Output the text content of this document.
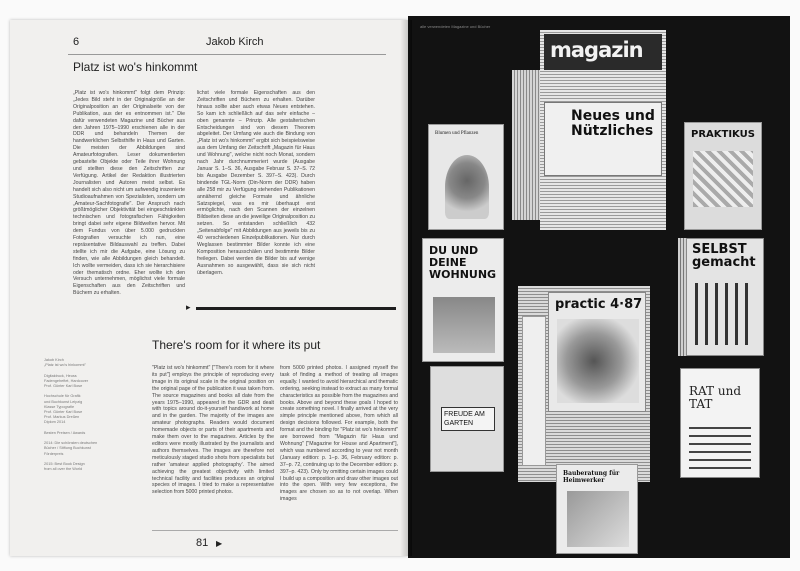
6	Jakob Kirch
Platz ist wo's hinkommt
„Platz ist wo's hinkommt" folgt dem Prinzip: „Jedes Bild steht in der Originalgröße an der Originalposition an der Originalseite von der Publikation, aus der es entnommen ist." Die dafür verwendeten Magazine und Bücher aus den Jahren 1975–1990 erschienen alle in der DDR und behandeln Themen der handwerklichen Selbsthilfe in Haus und Garten. Die meisten der Abbildungen sind Amateurfotografien. Leser dokumentierten gebastelte Objekte oder Teile ihrer Wohnung und stellten diese den Zeitschriften zur Verfügung. Artikel der Redaktion illustrierten Journalisten und Autoren meist selbst. Es handelt sich also nicht um aufwendig inszenierte Studioaufnahmen von Spezialisten, sondern um „Amateur-Sachfotografie". Der Anspruch nach größtmöglicher Objektivität bei eingeschränkten technischen und fotografischen Fähigkeiten bringt dabei sehr eigene Bildwelten hervor. Mit dem Fundus von über 5.000 gedruckten Fotografien versuchte ich nun, eine repräsentative Bildauswahl zu treffen. Dabei stellte ich mir die Aufgabe, eine Lösung zu finden, wie alle Abbildungen gleich behandelt. Ich wollte vermeiden, dass ich sie hierarchisiere oder thematisch ordne. Eher wollte ich den Versuch unternehmen, möglichst viele formale Eigenschaften aus den Zeitschriften und Büchern zu erhalten.
lichst viele formale Eigenschaften aus den Zeitschriften und Büchern zu erhalten. Darüber hinaus sollte aber auch etwas Neues entstehen. So kam ich schließlich auf das sehr einfache – oben genannte – Prinzip. Alle gestalterischen Entscheidungen sind von diesem Theorem abgeleitet. Der Umfang wie auch die Bindung von „Platz ist wo's hinkommt" ergibt sich beispielsweise aus dem Umfang der Zeitschrift „Magazin für Haus und Wohnung", welche nicht noch Monat, sondern nach Jahr durchnummeriert wurde (Ausgabe Januar S. 1–S. 36, Ausgabe Februar S. 37–S. 72 bis Ausgabe Dezember S. 397–S. 423). Durch bindende TGL-Norm (Din-Norm der DDR) haben alle 258 mir zu Verfügung stehenden Publikationen annähernd gleiche Formate und ähnliche Satzspiegel, was es mir überhaupt erst ermöglichte, nach den Scannen der einzelnen Bildseiten diese an die jeweilige Originalposition zu setzen. So entstanden schließlich 432 „Seitenabfolge" mit Abbildungen aus jeweils bis zu 40 verschiedenen Einzelpublikationen. Nur durch Weglassen bestimmter Bilder konnte ich eine Komposition herausschälen und bestimmte Bilder freilegen. Dabei werden die Bilder bis auf wenige Ausnahmen so ausgewählt, dass sie sich nicht überlagern.
▸
There's room for it where its put
Jakob Kirch
„Platz ist wo's hinkommt"

Digitaldruck, Heuss
Fadengeheftet, Hardcover
Prof. Günter Karl Bose

Hochschule für Grafik
und Buchkunst Leipzig
Klasse Typografie
Prof. Günter Karl Bose
Prof. Markus Dreßen
Diplom 2014

Besten Preisen / Awards

2014: Die schönsten deutschen
Bücher / Stiftung Buchkunst
Förderpreis

2015: Best Book Design
from all over the World
"Platz ist wo's hinkommt" ["There's room for it where its put"] employs the principle of reproducing every image in its original scale in the original position on the original page of the publication it was taken from. The source magazines and books all date from the years 1975–1990, appeared in the GDR and dealt with topics around do-it-yourself handiwork at home and in the garden. The majority of the images are amateur photographs. Readers would document homemade objects or parts of their apartments and make them over to the magazines. Articles by the editors were mostly illustrated by the journalists and authors themselves. The images are therefore not meticulously staged studio shots from specialists but rather 'amateur applied photography'. The aimed achieving the greatest objectivity with limited technical facility and facilities produces an original species of images. I tried to make a representative selection from 5000 printed photos.
from 5000 printed photos. I assigned myself the task of finding a method of treating all images equally. I wanted to avoid hierarchical and thematic ordering, seeking instead to extract as many formal characteristics as possible from the magazines and books. Above and beyond these goals I hoped to create something novel. I finally arrived at the very simple principle mentioned above, from which all design decisions followed. For example, both the format and the binding for "Platz ist wo's hinkommt" are borrowed from "Magazin für Haus und Wohnung" ["Magazine for House and Apartment"], which was numbered according to year not month (January edition: p. 1–p. 36, February edition: p. 37–p. 72, continuing up to the December edition: p. 397–p. 423). Only by omitting certain images could I build up a composition and draw other images out into the open. With very few exceptions, the images are chosen so as to not overlap. When images
81 ▶
alle verwendeten Magazine und Bücher
magazin
Neues und Nützliches	PRAKTIKUS
Blumen und Pflanzen
DU UND DEINE WOHNUNG
SELBST gemacht
practic 4·87
FREUDE AM GARTEN
RAT und TAT
Bauberatung für Heimwerker
